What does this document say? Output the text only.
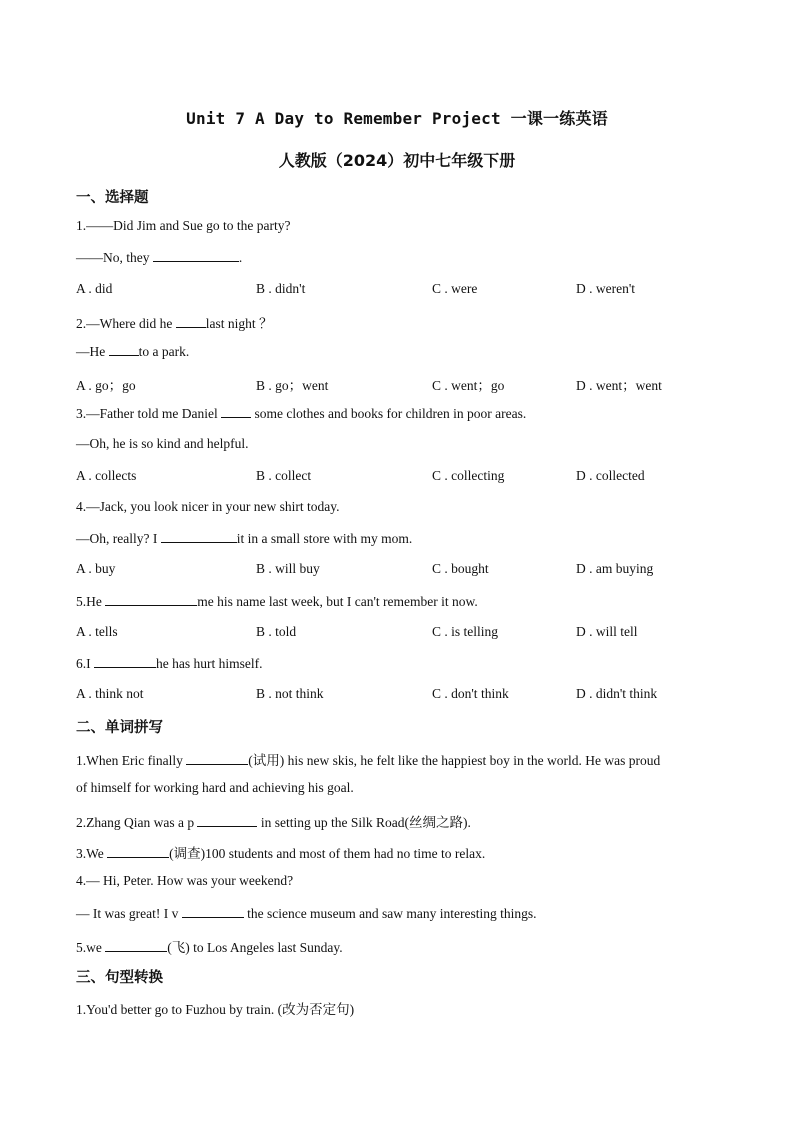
Unit 7 A Day to Remember Project 一课一练英语
人教版（2024）初中七年级下册
一、选择题
1.——Did Jim and Sue go to the party?
——No, they	.
A . did	B . didn't	C . were	D . weren't
2.—Where did he last night ？
—He to a park.
A . go；go	B . go；went	C . went；go	D . went；went
3.—Father told me Daniel  some clothes and books for children in poor areas.
—Oh, he is so kind and helpful.
A . collects	B . collect	C . collecting	D . collected
4.—Jack, you look nicer in your new shirt today.
—Oh, really? I	it in a small store with my mom.
A . buy	B . will buy	C . bought	D . am buying
5.He	me his name last week, but I can't remember it now.
A . tells	B . told	C . is telling	D . will tell
6.I	he has hurt himself.
A . think not	B . not think	C . don't think	D . didn't think
二、单词拼写
1.When Eric finally	(试用) his new skis, he felt like the happiest boy in the world. He was proud
of himself for working hard and achieving his goal.
2.Zhang Qian was a p	in setting up the Silk Road(丝绸之路).
3.We	(调查)100 students and most of them had no time to relax.
4.— Hi, Peter. How was your weekend?
— It was great! I v	the science museum and saw many interesting things.
5.we	(飞) to Los Angeles last Sunday.
三、句型转换
1.You'd better go to Fuzhou by train. (改为否定句)
